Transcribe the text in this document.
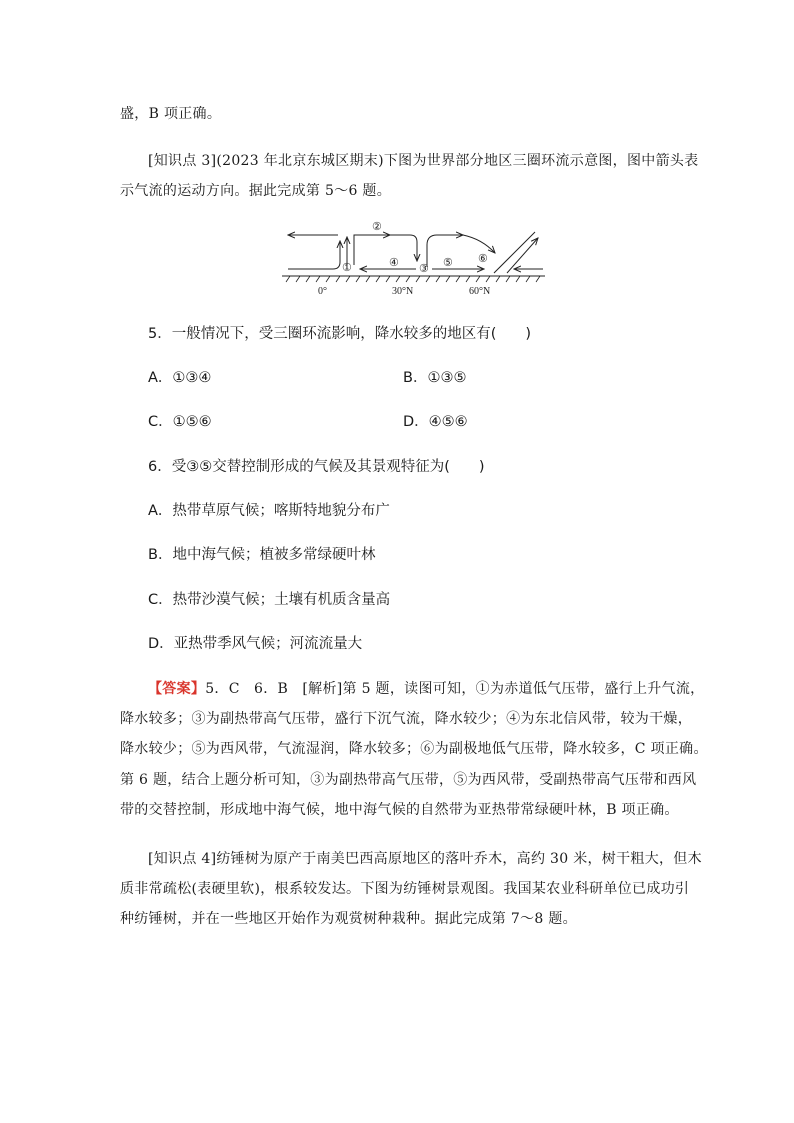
盛，B 项正确。
[知识点 3](2023 年北京东城区期末)下图为世界部分地区三圈环流示意图，图中箭头表
示气流的运动方向。据此完成第 5～6 题。
①
②
③
④	⑤ ⑥
0°	30°N	60°N
5．一般情况下，受三圈环流影响，降水较多的地区有(　　)
A．①③④	B．①③⑤
C．①⑤⑥	D．④⑤⑥
6．受③⑤交替控制形成的气候及其景观特征为(　　)
A．热带草原气候；喀斯特地貌分布广
B．地中海气候；植被多常绿硬叶林
C．热带沙漠气候；土壤有机质含量高
D．亚热带季风气候；河流流量大
【答案】5．C　6．B　[解析]第 5 题，读图可知，①为赤道低气压带，盛行上升气流，
降水较多；③为副热带高气压带，盛行下沉气流，降水较少；④为东北信风带，较为干燥，
降水较少；⑤为西风带，气流湿润，降水较多；⑥为副极地低气压带，降水较多，C 项正确。
第 6 题，结合上题分析可知，③为副热带高气压带，⑤为西风带，受副热带高气压带和西风
带的交替控制，形成地中海气候，地中海气候的自然带为亚热带常绿硬叶林，B 项正确。
[知识点 4]纺锤树为原产于南美巴西高原地区的落叶乔木，高约 30 米，树干粗大，但木
质非常疏松(表硬里软)，根系较发达。下图为纺锤树景观图。我国某农业科研单位已成功引
种纺锤树，并在一些地区开始作为观赏树种栽种。据此完成第 7～8 题。
